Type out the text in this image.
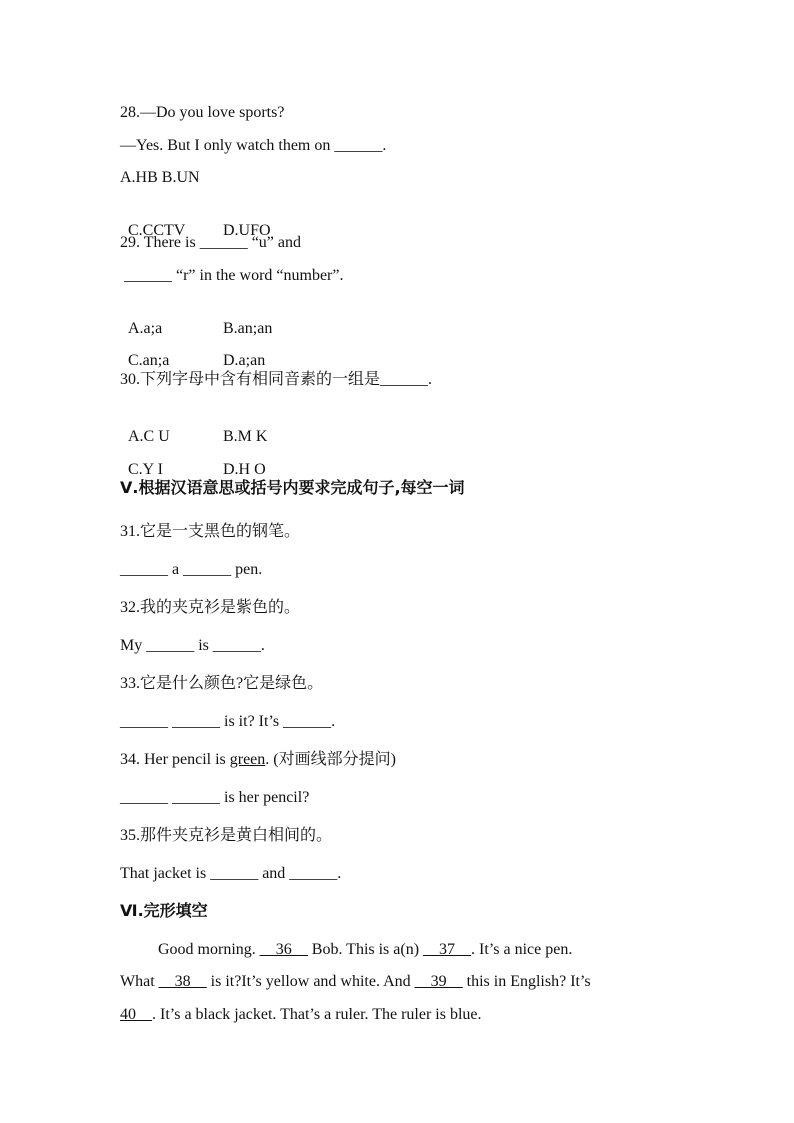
28.—Do you love sports?
—Yes. But I only watch them on ______.
A.HB B.UN

C.CCTV D.UFO

29. There is ______ “u” and
______ “r” in the word “number”.

A.a;a	B.an;an

C.an;a	D.a;an

30.下列字母中含有相同音素的一组是______.

A.C U	B.M K

C.Y I	D.H O

Ⅴ.根据汉语意思或括号内要求完成句子,每空一词
31.它是一支黑色的钢笔。
______ a ______ pen.
32.我的夹克衫是紫色的。
My ______ is ______.
33.它是什么颜色?它是绿色。
______ ______ is it? It’s ______.
34. Her pencil is green. (对画线部分提问)
______ ______ is her pencil?
35.那件夹克衫是黄白相间的。
That jacket is ______ and ______.
Ⅵ.完形填空
Good morning. __36__ Bob. This is a(n) __37__. It’s a nice pen.
What __38__ is it?It’s yellow and white. And __39__ this in English? It’s
40__. It’s a black jacket. That’s a ruler. The ruler is blue.
